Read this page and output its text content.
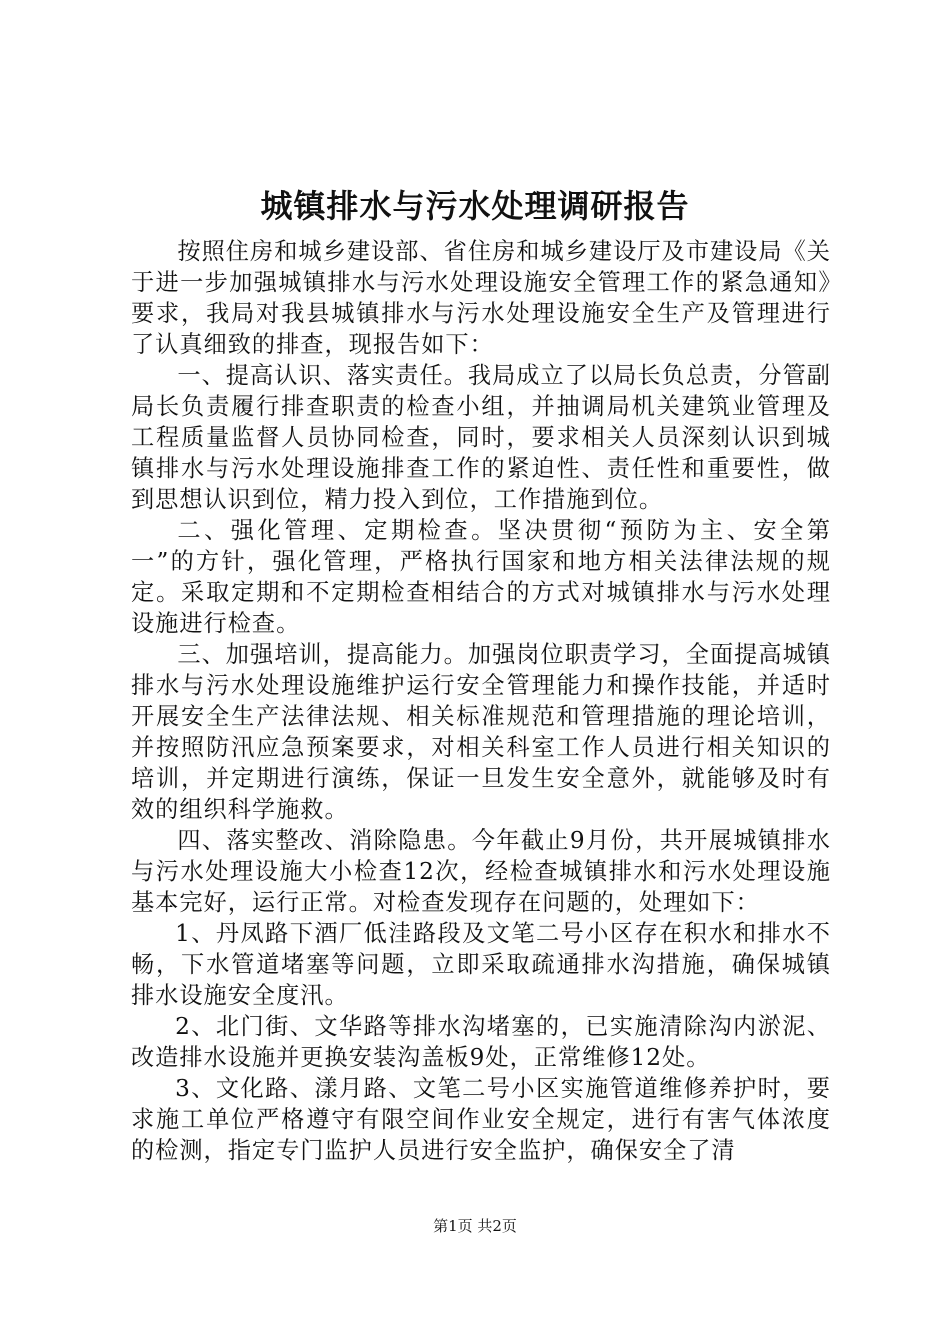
城镇排水与污水处理调研报告

按照住房和城乡建设部、省住房和城乡建设厅及市建设局《关于进一步加强城镇排水与污水处理设施安全管理工作的紧急通知》要求，我局对我县城镇排水与污水处理设施安全生产及管理进行了认真细致的排查，现报告如下：

一、提高认识、落实责任。我局成立了以局长负总责，分管副局长负责履行排查职责的检查小组，并抽调局机关建筑业管理及工程质量监督人员协同检查，同时，要求相关人员深刻认识到城镇排水与污水处理设施排查工作的紧迫性、责任性和重要性，做到思想认识到位，精力投入到位，工作措施到位。

二、强化管理、定期检查。坚决贯彻“预防为主、安全第一”的方针，强化管理，严格执行国家和地方相关法律法规的规定。采取定期和不定期检查相结合的方式对城镇排水与污水处理设施进行检查。

三、加强培训，提高能力。加强岗位职责学习，全面提高城镇排水与污水处理设施维护运行安全管理能力和操作技能，并适时开展安全生产法律法规、相关标准规范和管理措施的理论培训，并按照防汛应急预案要求，对相关科室工作人员进行相关知识的培训，并定期进行演练，保证一旦发生安全意外，就能够及时有效的组织科学施救。

四、落实整改、消除隐患。今年截止9月份，共开展城镇排水与污水处理设施大小检查12次，经检查城镇排水和污水处理设施基本完好，运行正常。对检查发现存在问题的，处理如下：

1、丹凤路下酒厂低洼路段及文笔二号小区存在积水和排水不畅，下水管道堵塞等问题，立即采取疏通排水沟措施，确保城镇排水设施安全度汛。

2、北门街、文华路等排水沟堵塞的，已实施清除沟内淤泥、改造排水设施并更换安装沟盖板9处，正常维修12处。

3、文化路、漾月路、文笔二号小区实施管道维修养护时，要求施工单位严格遵守有限空间作业安全规定，进行有害气体浓度的检测，指定专门监护人员进行安全监护，确保安全了清

第1页 共2页
